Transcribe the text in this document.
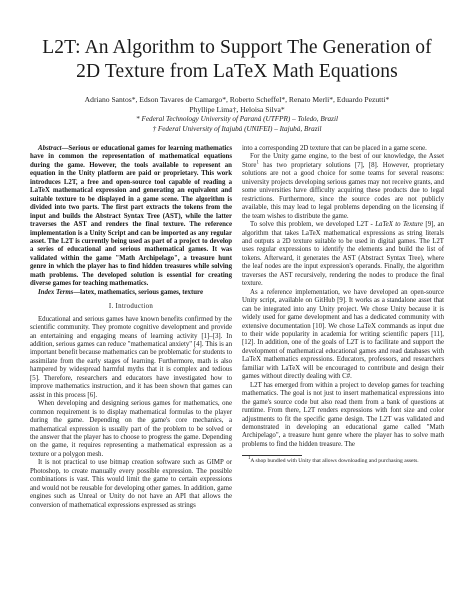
L2T: An Algorithm to Support The Generation of
2D Texture from LaTeX Math Equations
Adriano Santos*, Edson Tavares de Camargo*, Roberto Scheffel*, Renato Merli*, Eduardo Pezutti*
Phyllipe Lima†, Heloisa Silva*
* Federal Technology University of Paraná (UTFPR) – Toledo, Brazil
† Federal University of Itajubá (UNIFEI) – Itajubá, Brazil

Abstract—Serious or educational games for learning mathematics have in common the representation of mathematical equations during the game. However, the tools available to represent an equation in the Unity platform are paid or proprietary. This work introduces L2T, a free and open-source tool capable of reading a LaTeX mathematical expression and generating an equivalent and suitable texture to be displayed in a game scene. The algorithm is divided into two parts. The first part extracts the tokens from the input and builds the Abstract Syntax Tree (AST), while the latter traverses the AST and renders the final texture. The reference implementation is a Unity Script and can be imported as any regular asset. The L2T is currently being used as part of a project to develop a series of educational and serious mathematical games. It was validated within the game "Math Archipelago", a treasure hunt genre in which the player has to find hidden treasures while solving math problems. The developed solution is essential for creating diverse games for teaching mathematics.

Index Terms—latex, mathematics, serious games, texture

I. Introduction

Educational and serious games have known benefits confirmed by the scientific community. They promote cognitive development and provide an entertaining and engaging means of learning activity [1]–[3]. In addition, serious games can reduce "mathematical anxiety" [4]. This is an important benefit because mathematics can be problematic for students to assimilate from the early stages of learning. Furthermore, math is also hampered by widespread harmful myths that it is complex and tedious [5]. Therefore, researchers and educators have investigated how to improve mathematics instruction, and it has been shown that games can assist in this process [6].

When developing and designing serious games for mathematics, one common requirement is to display mathematical formulas to the player during the game. Depending on the game's core mechanics, a mathematical expression is usually part of the problem to be solved or the answer that the player has to choose to progress the game. Depending on the game, it requires representing a mathematical expression as a texture or a polygon mesh.

It is not practical to use bitmap creation software such as GIMP or Photoshop, to create manually every possible expression. The possible combinations is vast. This would limit the game to certain expressions and would not be reusable for developing other games. In addition, game engines such as Unreal or Unity do not have an API that allows the conversion of mathematical expressions expressed as strings

into a corresponding 2D texture that can be placed in a game scene.

For the Unity game engine, to the best of our knowledge, the Asset Store$^1$ has two proprietary solutions [7], [8]. However, proprietary solutions are not a good choice for some teams for several reasons: university projects developing serious games may not receive grants, and some universities have difficulty acquiring these products due to legal restrictions. Furthermore, since the source codes are not publicly available, this may lead to legal problems depending on the licensing if the team wishes to distribute the game.

To solve this problem, we developed L2T - LaTeX to Texture [9], an algorithm that takes LaTeX mathematical expressions as string literals and outputs a 2D texture suitable to be used in digital games. The L2T uses regular expressions to identify the elements and build the list of tokens. Afterward, it generates the AST (Abstract Syntax Tree), where the leaf nodes are the input expression's operands. Finally, the algorithm traverses the AST recursively, rendering the nodes to produce the final texture.

As a reference implementation, we have developed an open-source Unity script, available on GitHub [9]. It works as a standalone asset that can be integrated into any Unity project. We chose Unity because it is widely used for game development and has a dedicated community with extensive documentation [10]. We chose LaTeX commands as input due to their wide popularity in academia for writing scientific papers [11], [12]. In addition, one of the goals of L2T is to facilitate and support the development of mathematical educational games and read databases with LaTeX mathematics expressions. Educators, professors, and researchers familiar with LaTeX will be encouraged to contribute and design their games without directly dealing with C#.

L2T has emerged from within a project to develop games for teaching mathematics. The goal is not just to insert mathematical expressions into the game's source code but also read them from a bank of questions at runtime. From there, L2T renders expressions with font size and color adjustments to fit the specific game design. The L2T was validated and demonstrated in developing an educational game called "Math Archipelago", a treasure hunt genre where the player has to solve math problems to find the hidden treasure. The

$^1$A shop bundled with Unity that allows downloading and purchasing assets.
